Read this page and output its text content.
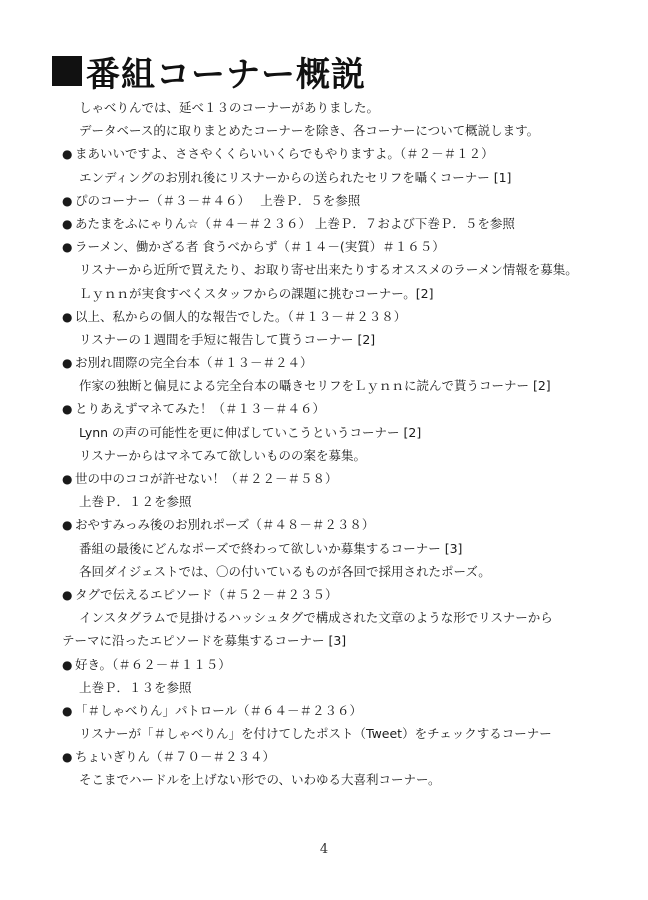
番組コーナー概説
しゃべりんでは、延べ１３のコーナーがありました。
データベース的に取りまとめたコーナーを除き、各コーナーについて概説します。
● まあいいですよ、ささやくくらいいくらでもやりますよ。（＃２－＃１２）
エンディングのお別れ後にリスナーからの送られたセリフを囁くコーナー [1]
● ぴのコーナー（＃３－＃４６）　 上巻Ｐ．５を参照
● あたまをふにゃりん☆（＃４－＃２３６） 上巻Ｐ．７および下巻Ｐ．５を参照
● ラーメン、働かざる者 食うべからず（＃１４－(実質）＃１６５）
リスナーから近所で買えたり、お取り寄せ出来たりするオススメのラーメン情報を募集。
Ｌｙｎｎが実食すべくスタッフからの課題に挑むコーナー。[2]
● 以上、私からの個人的な報告でした。（＃１３－＃２３８）
リスナーの１週間を手短に報告して貰うコーナー [2]
● お別れ間際の完全台本（＃１３－＃２４）
作家の独断と偏見による完全台本の囁きセリフをＬｙｎｎに読んで貰うコーナー [2]
● とりあえずマネてみた！（＃１３－＃４６）
Lynn の声の可能性を更に伸ばしていこうというコーナー [2]
リスナーからはマネてみて欲しいものの案を募集。
● 世の中のココが許せない！（＃２２－＃５８）
上巻Ｐ．１２を参照
● おやすみっみ後のお別れポーズ（＃４８－＃２３８）
番組の最後にどんなポーズで終わって欲しいか募集するコーナー [3]
各回ダイジェストでは、〇の付いているものが各回で採用されたポーズ。
● タグで伝えるエピソード（＃５２－＃２３５）
インスタグラムで見掛けるハッシュタグで構成された文章のような形でリスナーから
テーマに沿ったエピソードを募集するコーナー [3]
● 好き。（＃６２－＃１１５）
上巻Ｐ．１３を参照
● 「＃しゃべりん」パトロール（＃６４－＃２３６）
リスナーが「＃しゃべりん」を付けてしたポスト（Tweet）をチェックするコーナー
● ちょいぎりん（＃７０－＃２３４）
そこまでハードルを上げない形での、いわゆる大喜利コーナー。
4
